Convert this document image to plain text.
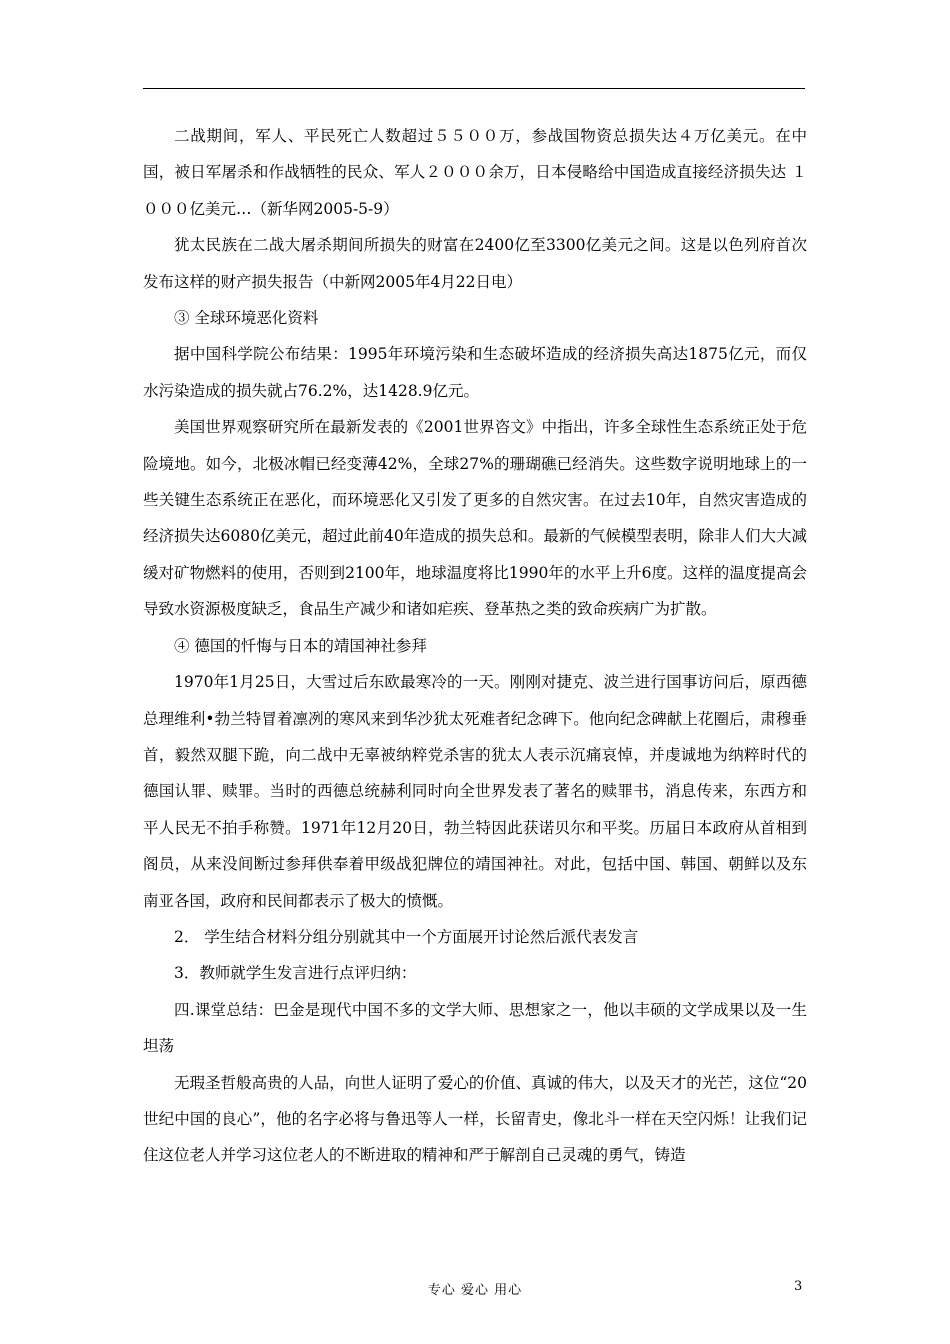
二战期间，军人、平民死亡人数超过５５００万，参战国物资总损失达４万亿美元。在中国，被日军屠杀和作战牺牲的民众、军人２０００余万，日本侵略给中国造成直接经济损失达 １０００亿美元…（新华网2005-5-9）

犹太民族在二战大屠杀期间所损失的财富在2400亿至3300亿美元之间。这是以色列府首次发布这样的财产损失报告（中新网2005年4月22日电）

③ 全球环境恶化资料

据中国科学院公布结果：1995年环境污染和生态破坏造成的经济损失高达1875亿元，而仅水污染造成的损失就占76.2%，达1428.9亿元。

美国世界观察研究所在最新发表的《2001世界咨文》中指出，许多全球性生态系统正处于危险境地。如今，北极冰帽已经变薄42%，全球27%的珊瑚礁已经消失。这些数字说明地球上的一些关键生态系统正在恶化，而环境恶化又引发了更多的自然灾害。在过去10年，自然灾害造成的经济损失达6080亿美元，超过此前40年造成的损失总和。最新的气候模型表明，除非人们大大减缓对矿物燃料的使用，否则到2100年，地球温度将比1990年的水平上升6度。这样的温度提高会导致水资源极度缺乏，食品生产减少和诸如疟疾、登革热之类的致命疾病广为扩散。

④ 德国的忏悔与日本的靖国神社参拜

1970年1月25日，大雪过后东欧最寒冷的一天。刚刚对捷克、波兰进行国事访问后，原西德总理维利•勃兰特冒着凛冽的寒风来到华沙犹太死难者纪念碑下。他向纪念碑献上花圈后，肃穆垂首，毅然双腿下跪，向二战中无辜被纳粹党杀害的犹太人表示沉痛哀悼，并虔诚地为纳粹时代的德国认罪、赎罪。当时的西德总统赫利同时向全世界发表了著名的赎罪书，消息传来，东西方和平人民无不拍手称赞。1971年12月20日，勃兰特因此获诺贝尔和平奖。历届日本政府从首相到阁员，从来没间断过参拜供奉着甲级战犯牌位的靖国神社。对此，包括中国、韩国、朝鲜以及东南亚各国，政府和民间都表示了极大的愤慨。

2． 学生结合材料分组分别就其中一个方面展开讨论然后派代表发言

3．教师就学生发言进行点评归纳：

四.课堂总结：巴金是现代中国不多的文学大师、思想家之一，他以丰硕的文学成果以及一生坦荡

无瑕圣哲般高贵的人品，向世人证明了爱心的价值、真诚的伟大，以及天才的光芒，这位“20世纪中国的良心”，他的名字必将与鲁迅等人一样，长留青史，像北斗一样在天空闪烁！让我们记住这位老人并学习这位老人的不断进取的精神和严于解剖自己灵魂的勇气，铸造

专心 爱心 用心	3
